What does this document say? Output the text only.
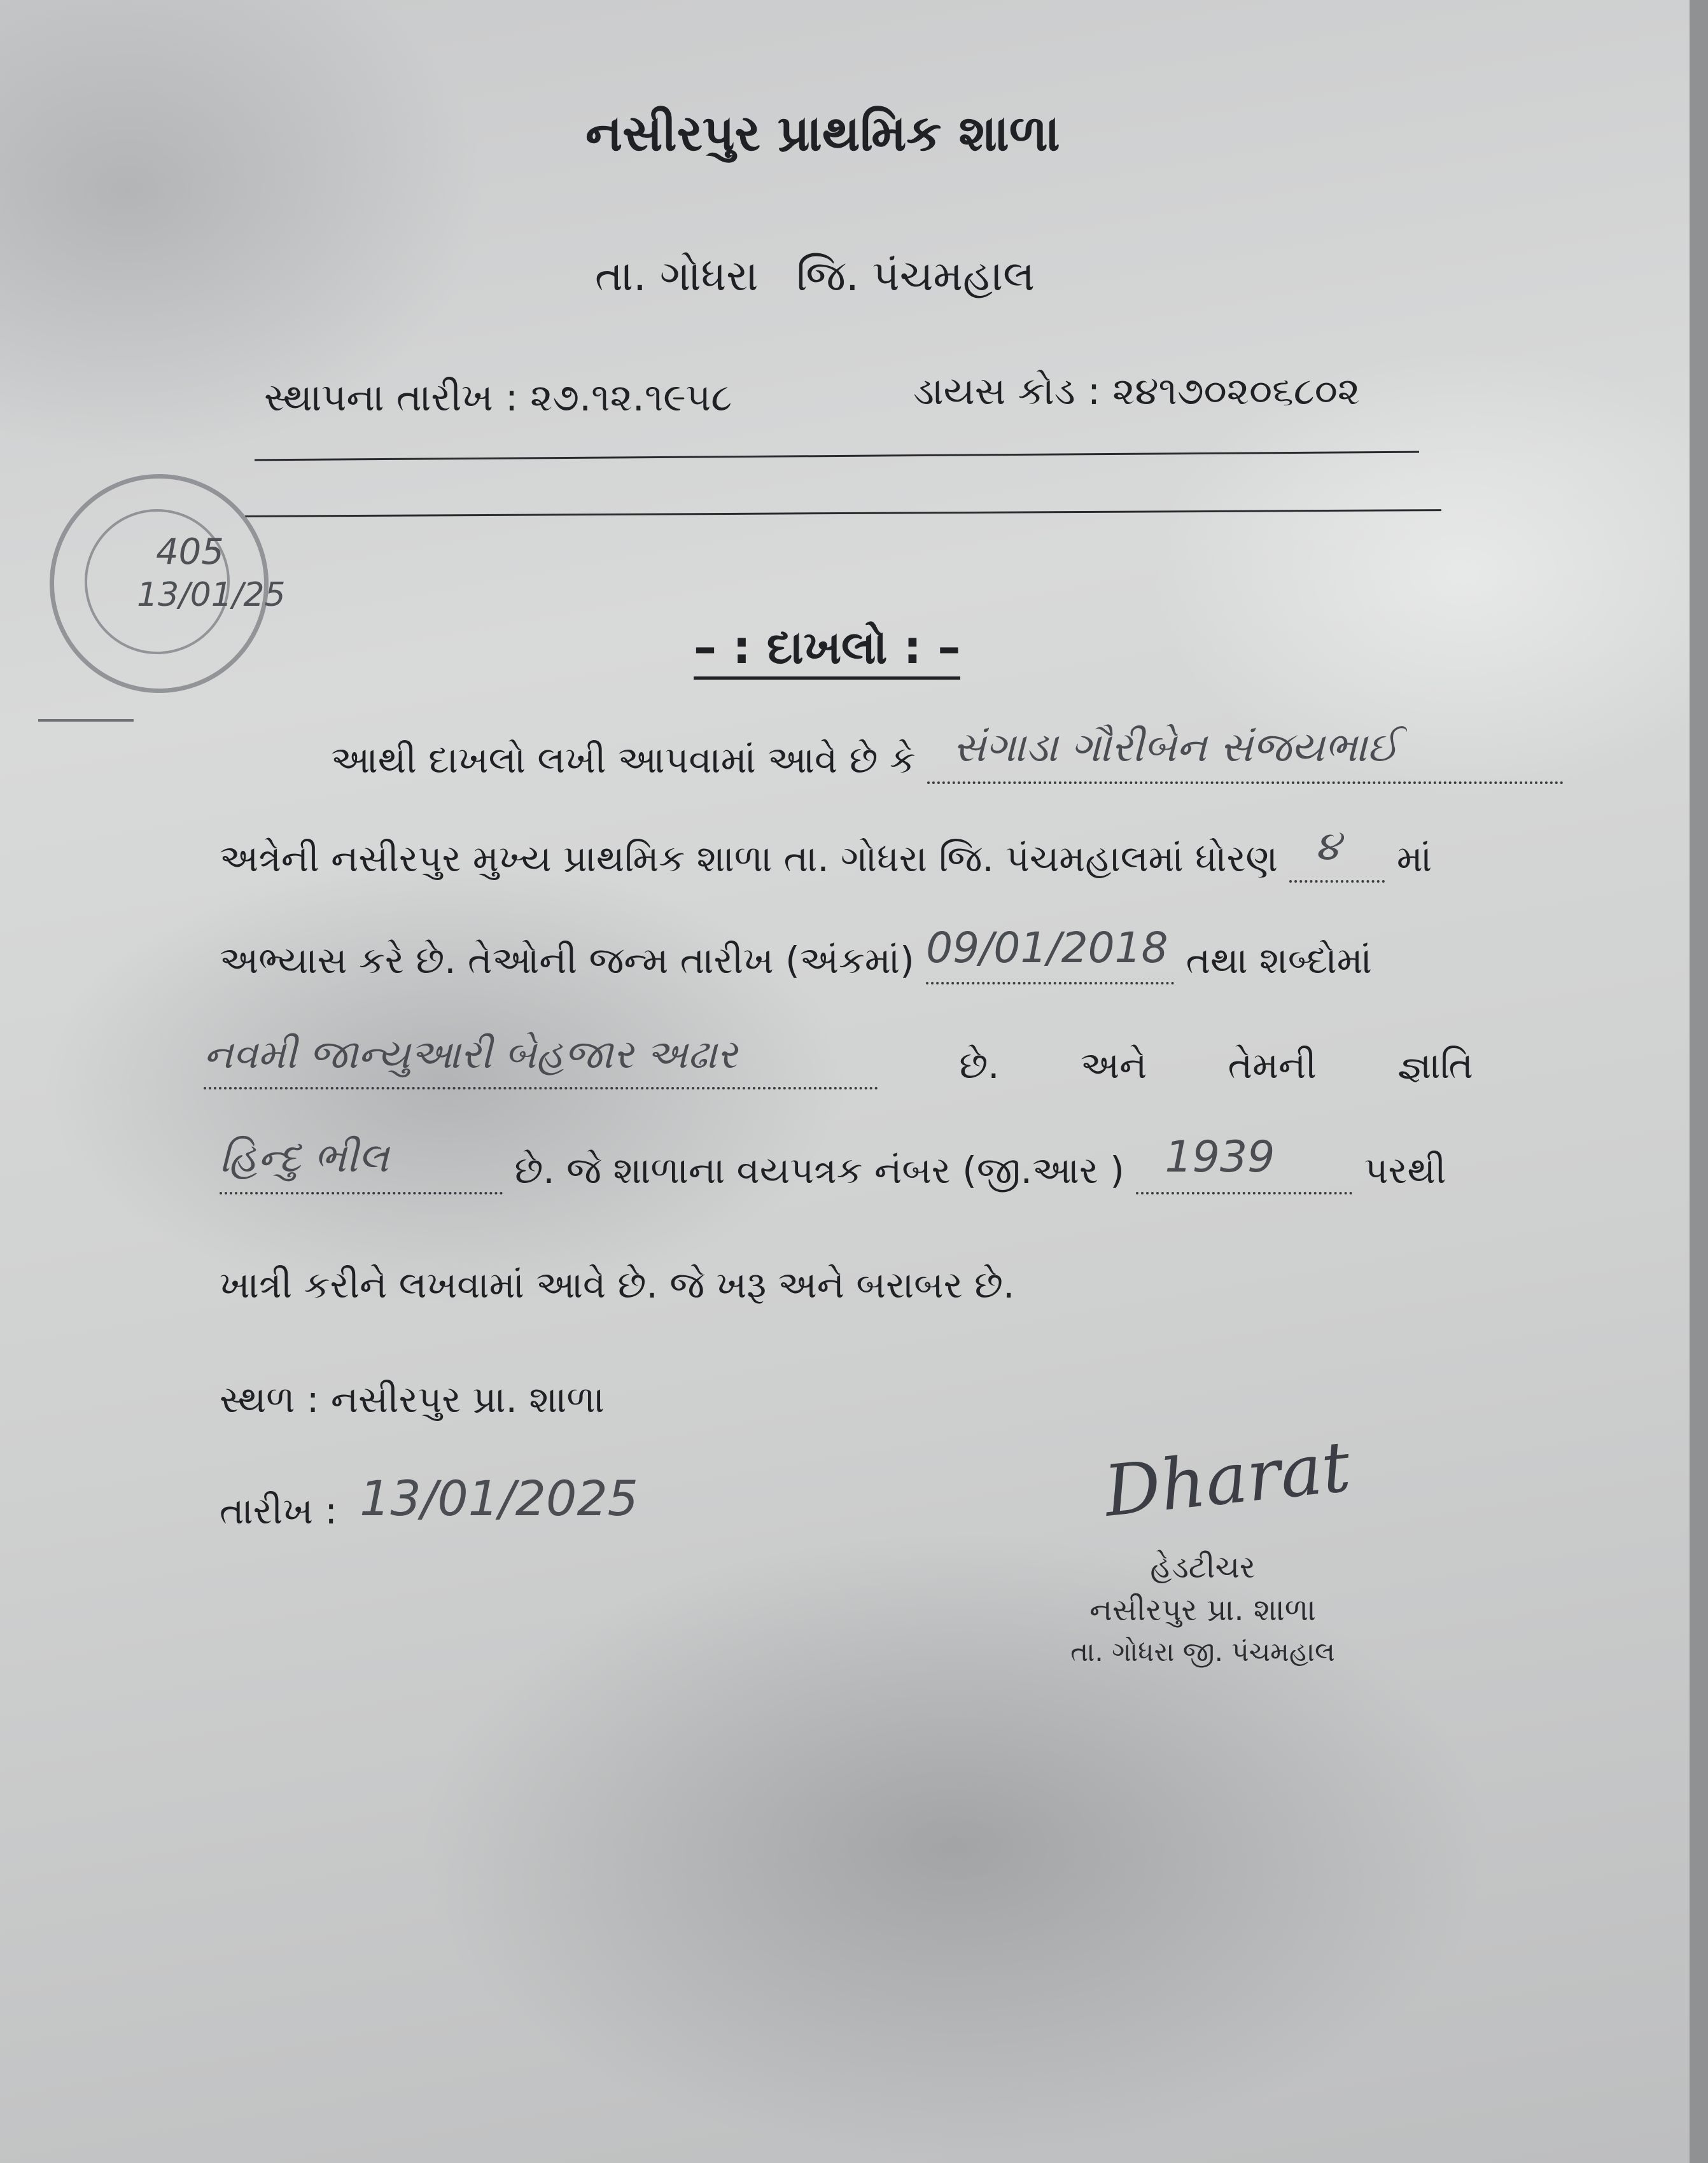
નસીરપુર પ્રાથમિક શાળા
તા. ગોધરા જિ. પંચમહાલ
સ્થાપના તારીખ : ૨૭.૧૨.૧૯૫૮	ડાયસ કોડ : ૨૪૧૭૦૨૦૬૮૦૨
405
13/01/25
– : દાખલો : –
આથી દાખલો લખી આપવામાં આવે છે કે સંગાડા ગૌરીબેન સંજયભાઈ

અત્રેની નસીરપુર મુખ્ય પ્રાથમિક શાળા તા. ગોધરા જિ. પંચમહાલમાં ધોરણ ૪ માં
અભ્યાસ કરે છે. તેઓની જન્મ તારીખ (અંકમાં) 09/01/2018 તથા શબ્દોમાં
નવમી જાન્યુઆરી બેહજાર અઢાર
	છે. અને તેમની જ્ઞાતિ
હિન્દુ ભીલ	છે. જે શાળાના વયપત્રક નંબર (જી.આર ) 1939 પરથી
ખાત્રી કરીને લખવામાં આવે છે. જે ખરૂ અને બરાબર છે.
સ્થળ : નસીરપુર પ્રા. શાળા
તારીખ : 13/01/2025	Dharat
હેડટીચર
નસીરપુર પ્રા. શાળા
તા. ગોધરા જી. પંચમહાલ
